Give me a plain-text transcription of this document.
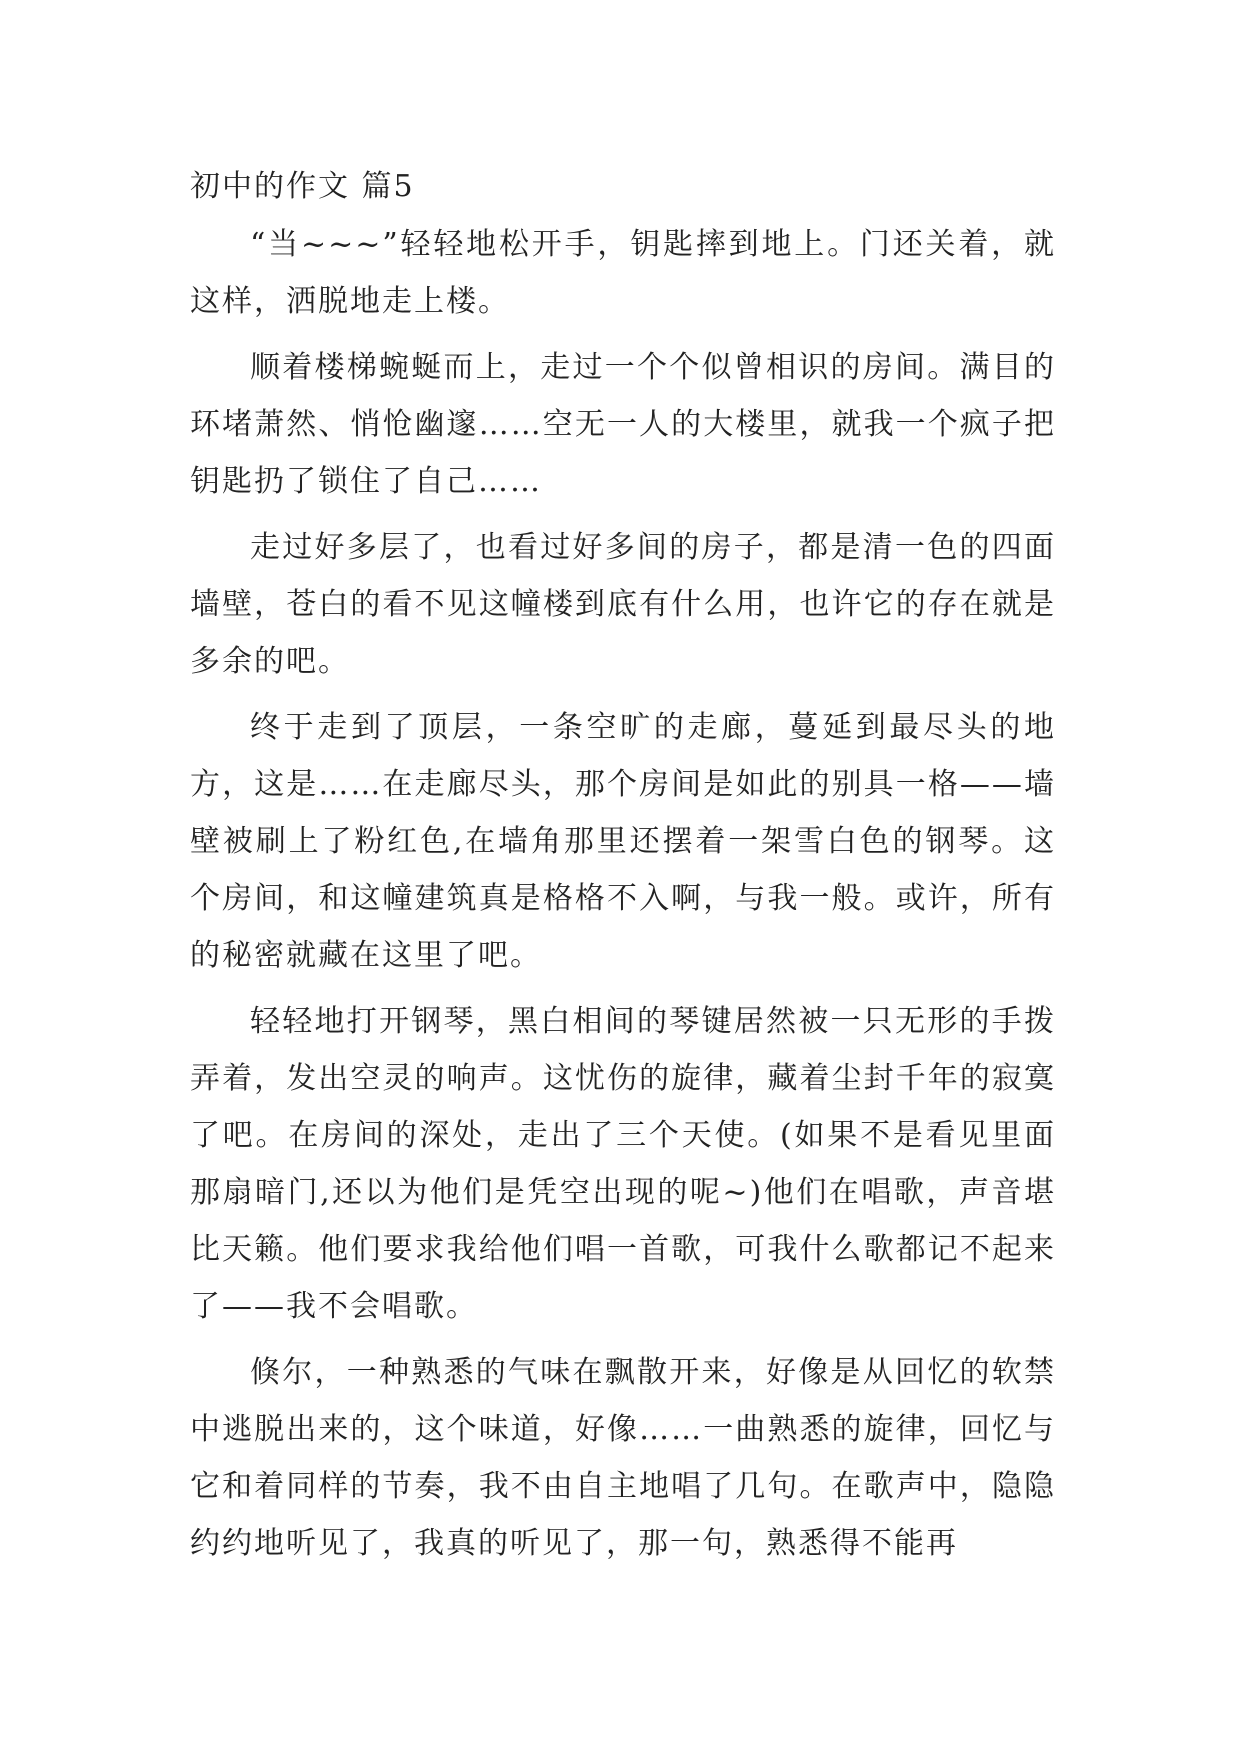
初中的作文 篇5

“当~~~”轻轻地松开手，钥匙摔到地上。门还关着，就这样，洒脱地走上楼。

顺着楼梯蜿蜒而上，走过一个个似曾相识的房间。满目的环堵萧然、悄怆幽邃……空无一人的大楼里，就我一个疯子把钥匙扔了锁住了自己……

走过好多层了，也看过好多间的房子，都是清一色的四面墙壁，苍白的看不见这幢楼到底有什么用，也许它的存在就是多余的吧。

终于走到了顶层，一条空旷的走廊，蔓延到最尽头的地方，这是……在走廊尽头，那个房间是如此的别具一格——墙壁被刷上了粉红色,在墙角那里还摆着一架雪白色的钢琴。这个房间，和这幢建筑真是格格不入啊，与我一般。或许，所有的秘密就藏在这里了吧。

轻轻地打开钢琴，黑白相间的琴键居然被一只无形的手拨弄着，发出空灵的响声。这忧伤的旋律，藏着尘封千年的寂寞了吧。在房间的深处，走出了三个天使。(如果不是看见里面那扇暗门,还以为他们是凭空出现的呢~)他们在唱歌，声音堪比天籁。他们要求我给他们唱一首歌，可我什么歌都记不起来了——我不会唱歌。

倏尔，一种熟悉的气味在飘散开来，好像是从回忆的软禁中逃脱出来的，这个味道，好像……一曲熟悉的旋律，回忆与它和着同样的节奏，我不由自主地唱了几句。在歌声中，隐隐约约地听见了，我真的听见了，那一句，熟悉得不能再
